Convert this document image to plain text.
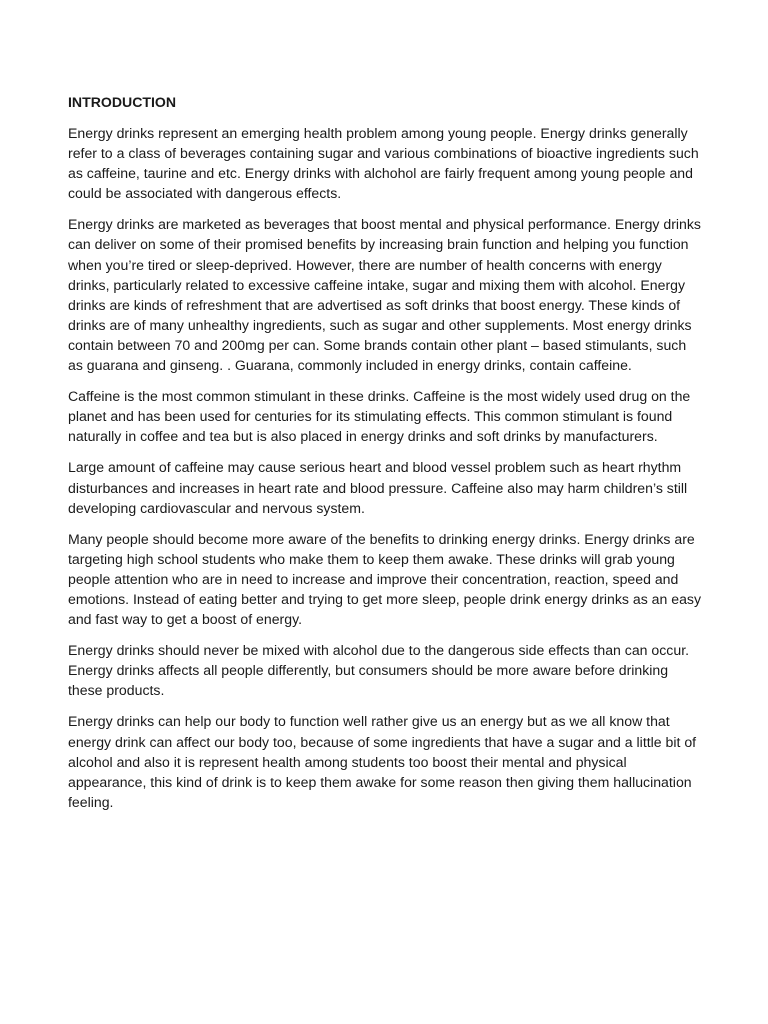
INTRODUCTION

Energy drinks represent an emerging health problem among young people. Energy drinks generally refer to a class of beverages containing sugar and various combinations of bioactive ingredients such as caffeine, taurine and etc. Energy drinks with alchohol are fairly frequent among young people and could be associated with dangerous effects.

Energy drinks are marketed as beverages that boost mental and physical performance. Energy drinks can deliver on some of their promised benefits by increasing brain function and helping you function when you’re tired or sleep-deprived. However, there are number of health concerns with energy drinks, particularly related to excessive caffeine intake, sugar and mixing them with alcohol. Energy drinks are kinds of refreshment that are advertised as soft drinks that boost energy. These kinds of drinks are of many unhealthy ingredients, such as sugar and other supplements. Most energy drinks contain between 70 and 200mg per can. Some brands contain other plant – based stimulants, such as guarana and ginseng. . Guarana, commonly included in energy drinks, contain caffeine.

Caffeine is the most common stimulant in these drinks. Caffeine is the most widely used drug on the planet and has been used for centuries for its stimulating effects. This common stimulant is found naturally in coffee and tea but is also placed in energy drinks and soft drinks by manufacturers.

Large amount of caffeine may cause serious heart and blood vessel problem such as heart rhythm disturbances and increases in heart rate and blood pressure. Caffeine also may harm children’s still developing cardiovascular and nervous system.

Many people should become more aware of the benefits to drinking energy drinks. Energy drinks are targeting high school students who make them to keep them awake. These drinks will grab young people attention who are in need to increase and improve their concentration, reaction, speed and emotions. Instead of eating better and trying to get more sleep, people drink energy drinks as an easy and fast way to get a boost of energy.

Energy drinks should never be mixed with alcohol due to the dangerous side effects than can occur. Energy drinks affects all people differently, but consumers should be more aware before drinking these products.

Energy drinks can help our body to function well rather give us an energy but as we all know that energy drink can affect our body too, because of some ingredients that have a sugar and a little bit of alcohol and also it is represent health among students too boost their mental and physical appearance, this kind of drink is to keep them awake for some reason then giving them hallucination feeling.
